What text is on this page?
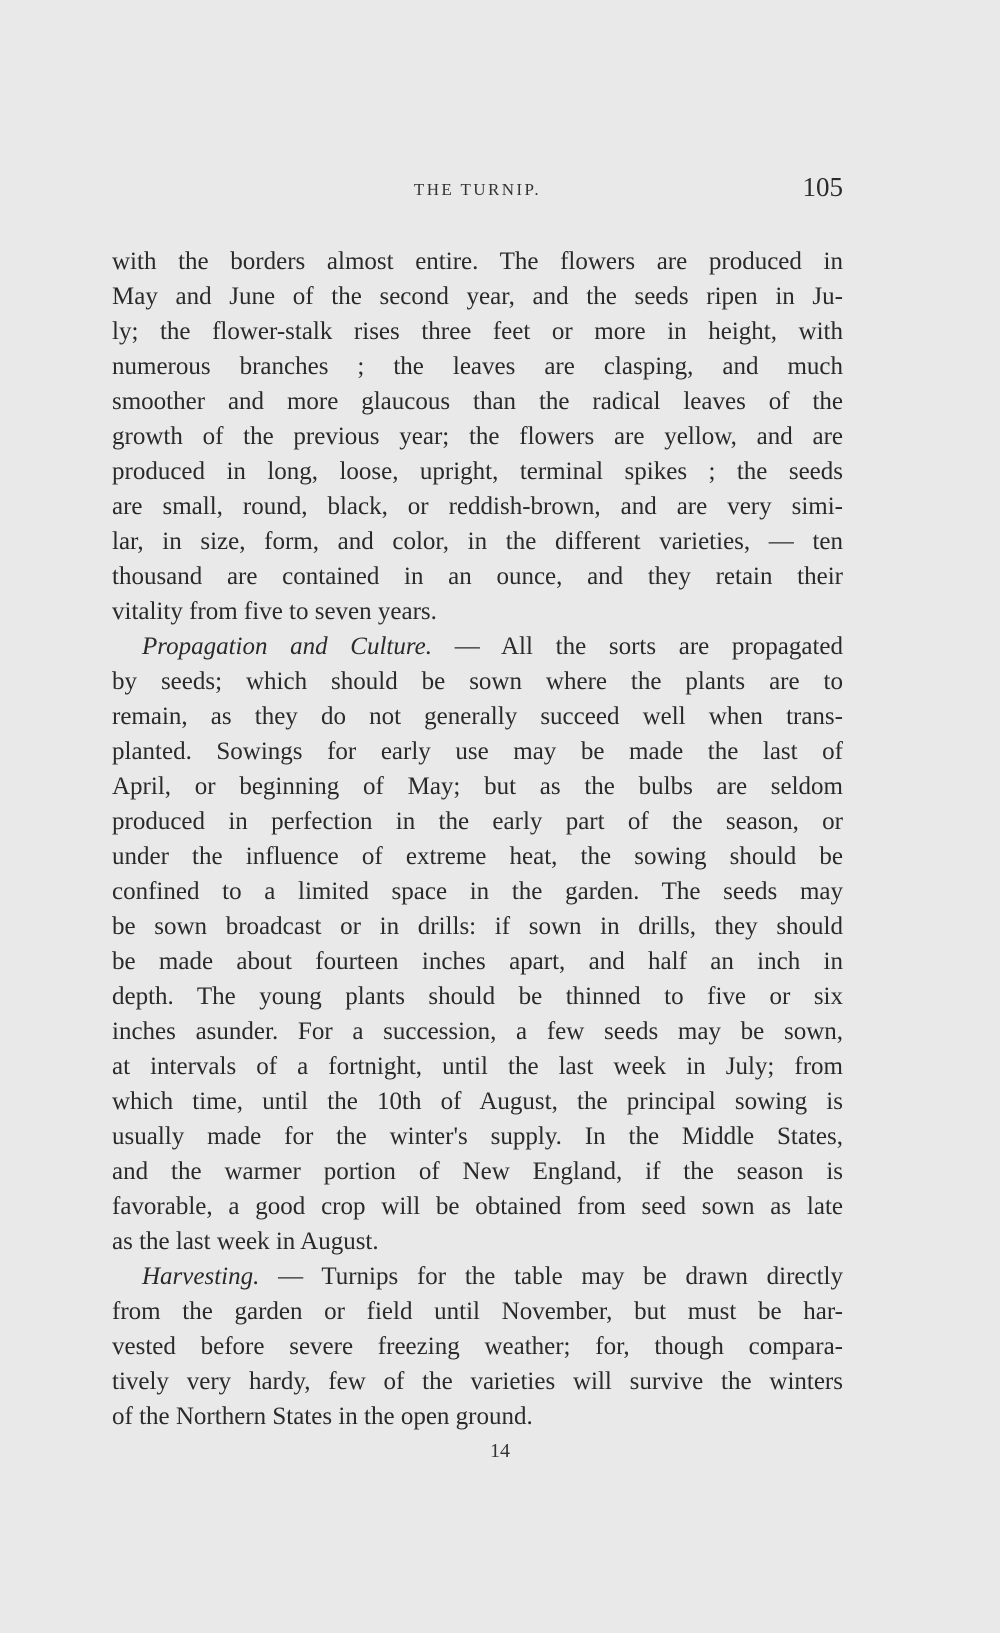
THE TURNIP.	105
with the borders almost entire. The flowers are produced in
May and June of the second year, and the seeds ripen in Ju-
ly; the flower-stalk rises three feet or more in height, with
numerous branches ; the leaves are clasping, and much
smoother and more glaucous than the radical leaves of the
growth of the previous year; the flowers are yellow, and are
produced in long, loose, upright, terminal spikes ; the seeds
are small, round, black, or reddish-brown, and are very simi-
lar, in size, form, and color, in the different varieties, — ten
thousand are contained in an ounce, and they retain their
vitality from five to seven years.
Propagation and Culture. — All the sorts are propagated
by seeds; which should be sown where the plants are to
remain, as they do not generally succeed well when trans-
planted. Sowings for early use may be made the last of
April, or beginning of May; but as the bulbs are seldom
produced in perfection in the early part of the season, or
under the influence of extreme heat, the sowing should be
confined to a limited space in the garden. The seeds may
be sown broadcast or in drills: if sown in drills, they should
be made about fourteen inches apart, and half an inch in
depth. The young plants should be thinned to five or six
inches asunder. For a succession, a few seeds may be sown,
at intervals of a fortnight, until the last week in July; from
which time, until the 10th of August, the principal sowing is
usually made for the winter's supply. In the Middle States,
and the warmer portion of New England, if the season is
favorable, a good crop will be obtained from seed sown as late
as the last week in August.
Harvesting. — Turnips for the table may be drawn directly
from the garden or field until November, but must be har-
vested before severe freezing weather; for, though compara-
tively very hardy, few of the varieties will survive the winters
of the Northern States in the open ground.
14
